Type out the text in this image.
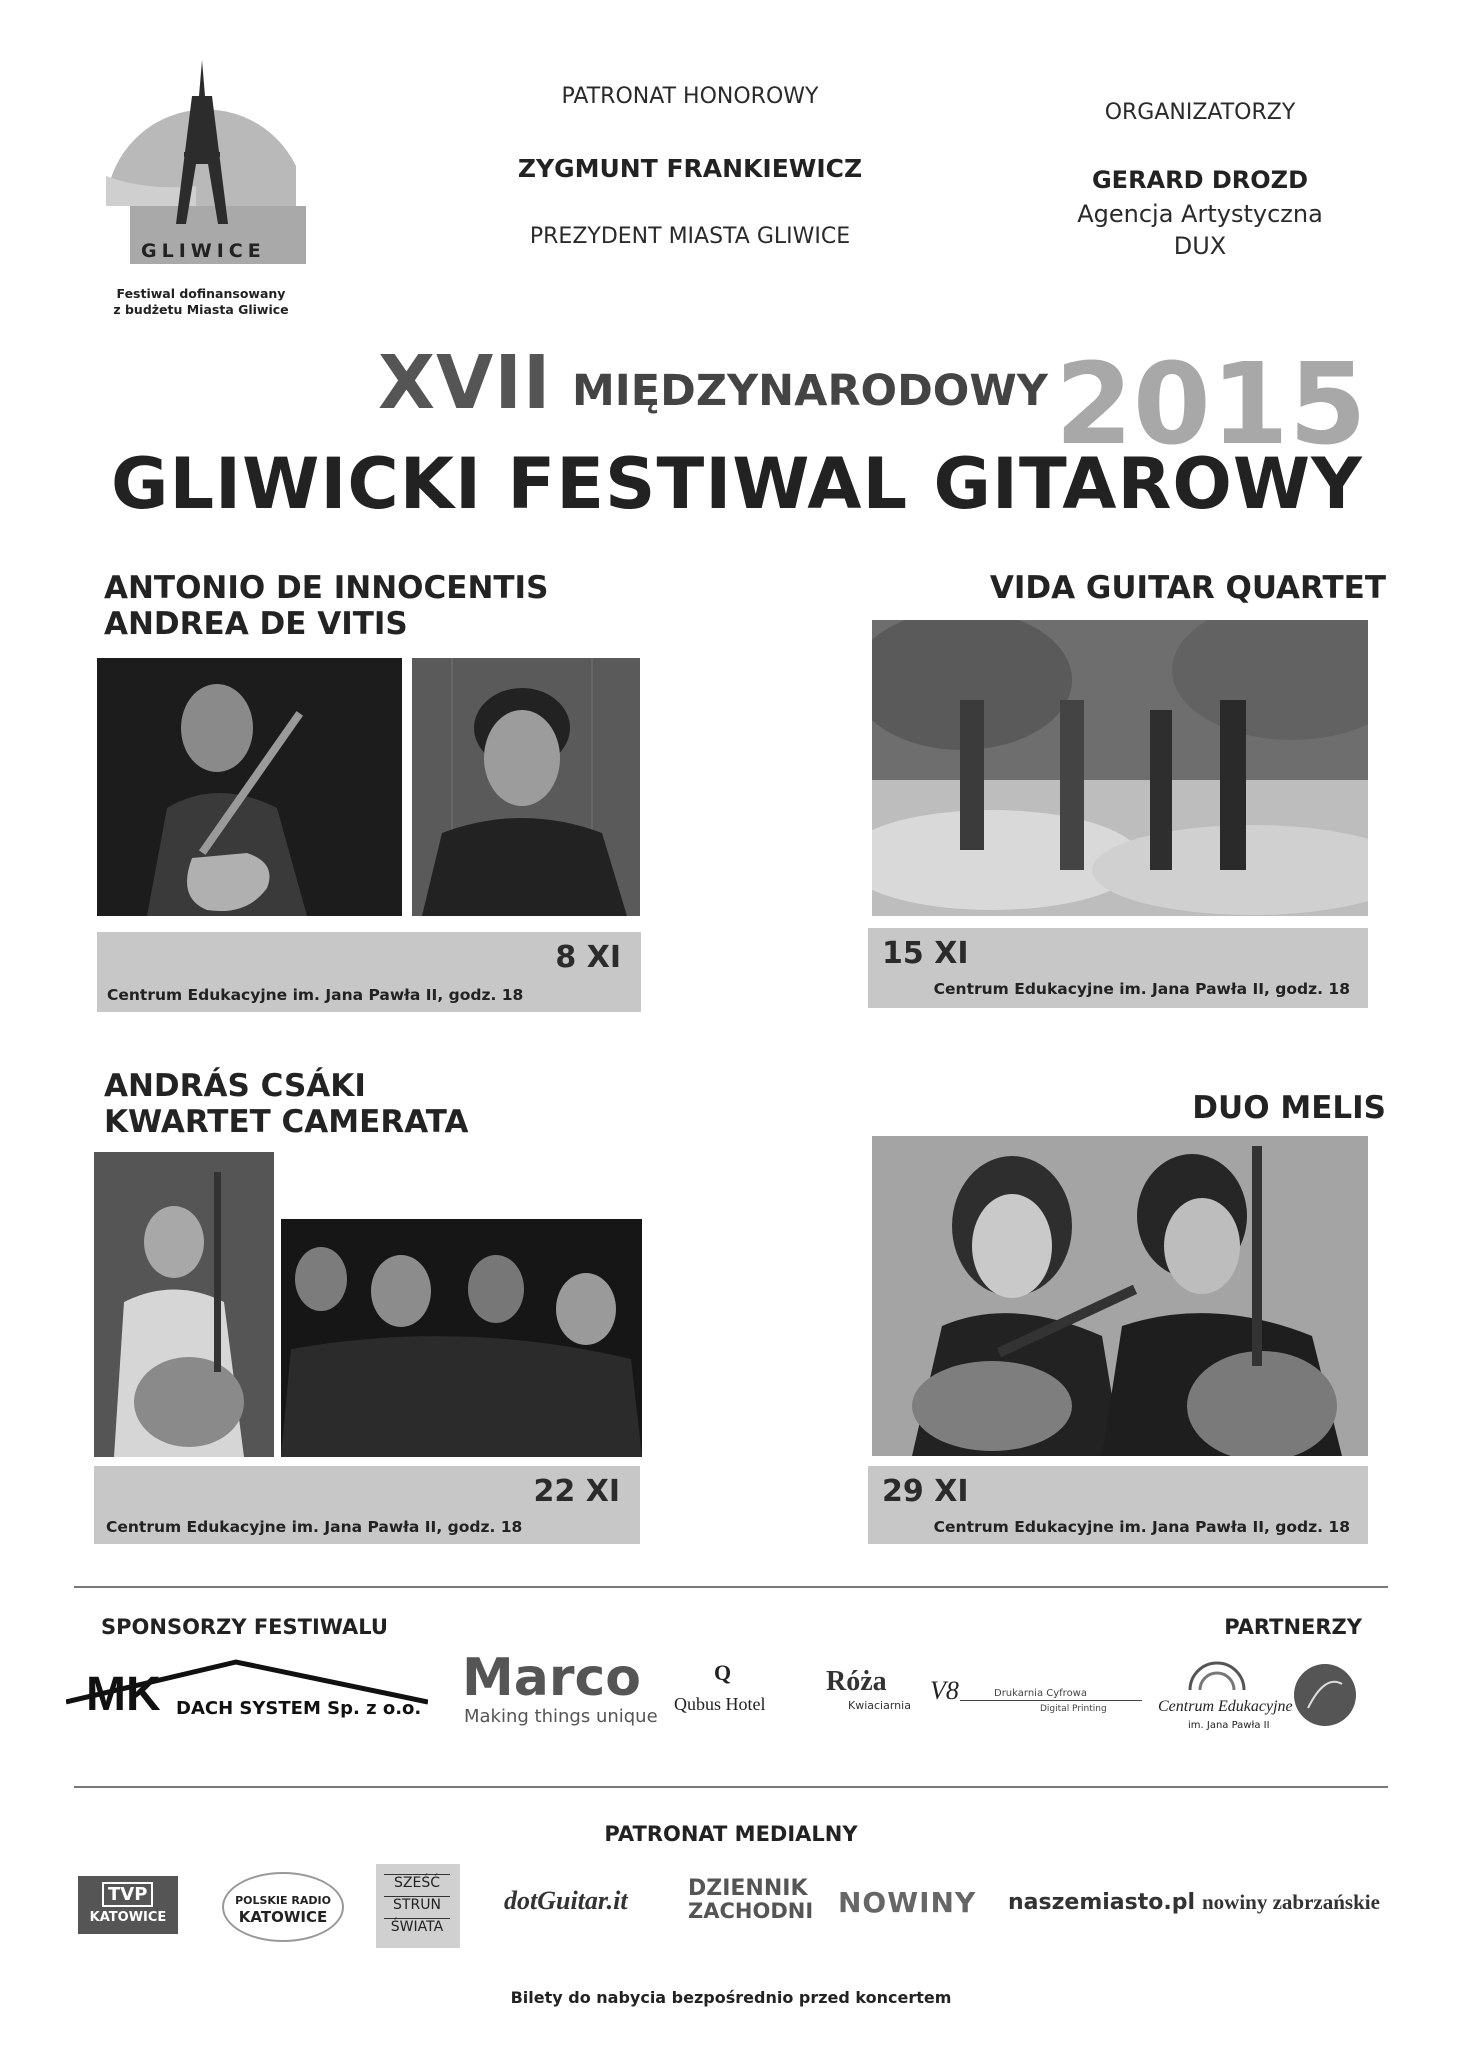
GLIWICE
Festiwal dofinansowany
z budżetu Miasta Gliwice
PATRONAT HONOROWY
ZYGMUNT FRANKIEWICZ
PREZYDENT MIASTA GLIWICE
ORGANIZATORZY
GERARD DROZD
Agencja Artystyczna
DUX
2015
XVII MIĘDZYNARODOWY
GLIWICKI FESTIWAL GITAROWY
ANTONIO DE INNOCENTIS
ANDREA DE VITIS
8 XI
Centrum Edukacyjne im. Jana Pawła II, godz. 18
VIDA GUITAR QUARTET
15 XI
Centrum Edukacyjne im. Jana Pawła II, godz. 18
ANDRÁS CSÁKI
KWARTET CAMERATA
22 XI
Centrum Edukacyjne im. Jana Pawła II, godz. 18
DUO MELIS
29 XI
Centrum Edukacyjne im. Jana Pawła II, godz. 18
SPONSORZY FESTIWALU	PARTNERZY
MK DACH SYSTEM Sp. z o.o.
Marco
Making things unique
Q
Qubus Hotel
Róża
Kwiaciarnia
V8	Drukarnia Cyfrowa
Digital Printing	Centrum Edukacyjne
im. Jana Pawła II
PATRONAT MEDIALNY
TVP
KATOWICE
POLSKIE RADIO
KATOWICE
SZEŚĆ
STRUN
ŚWIATA
dotGuitar.it	DZIENNIK
ZACHODNI NOWINY naszemiasto.pl nowiny zabrzańskie
Bilety do nabycia bezpośrednio przed koncertem
